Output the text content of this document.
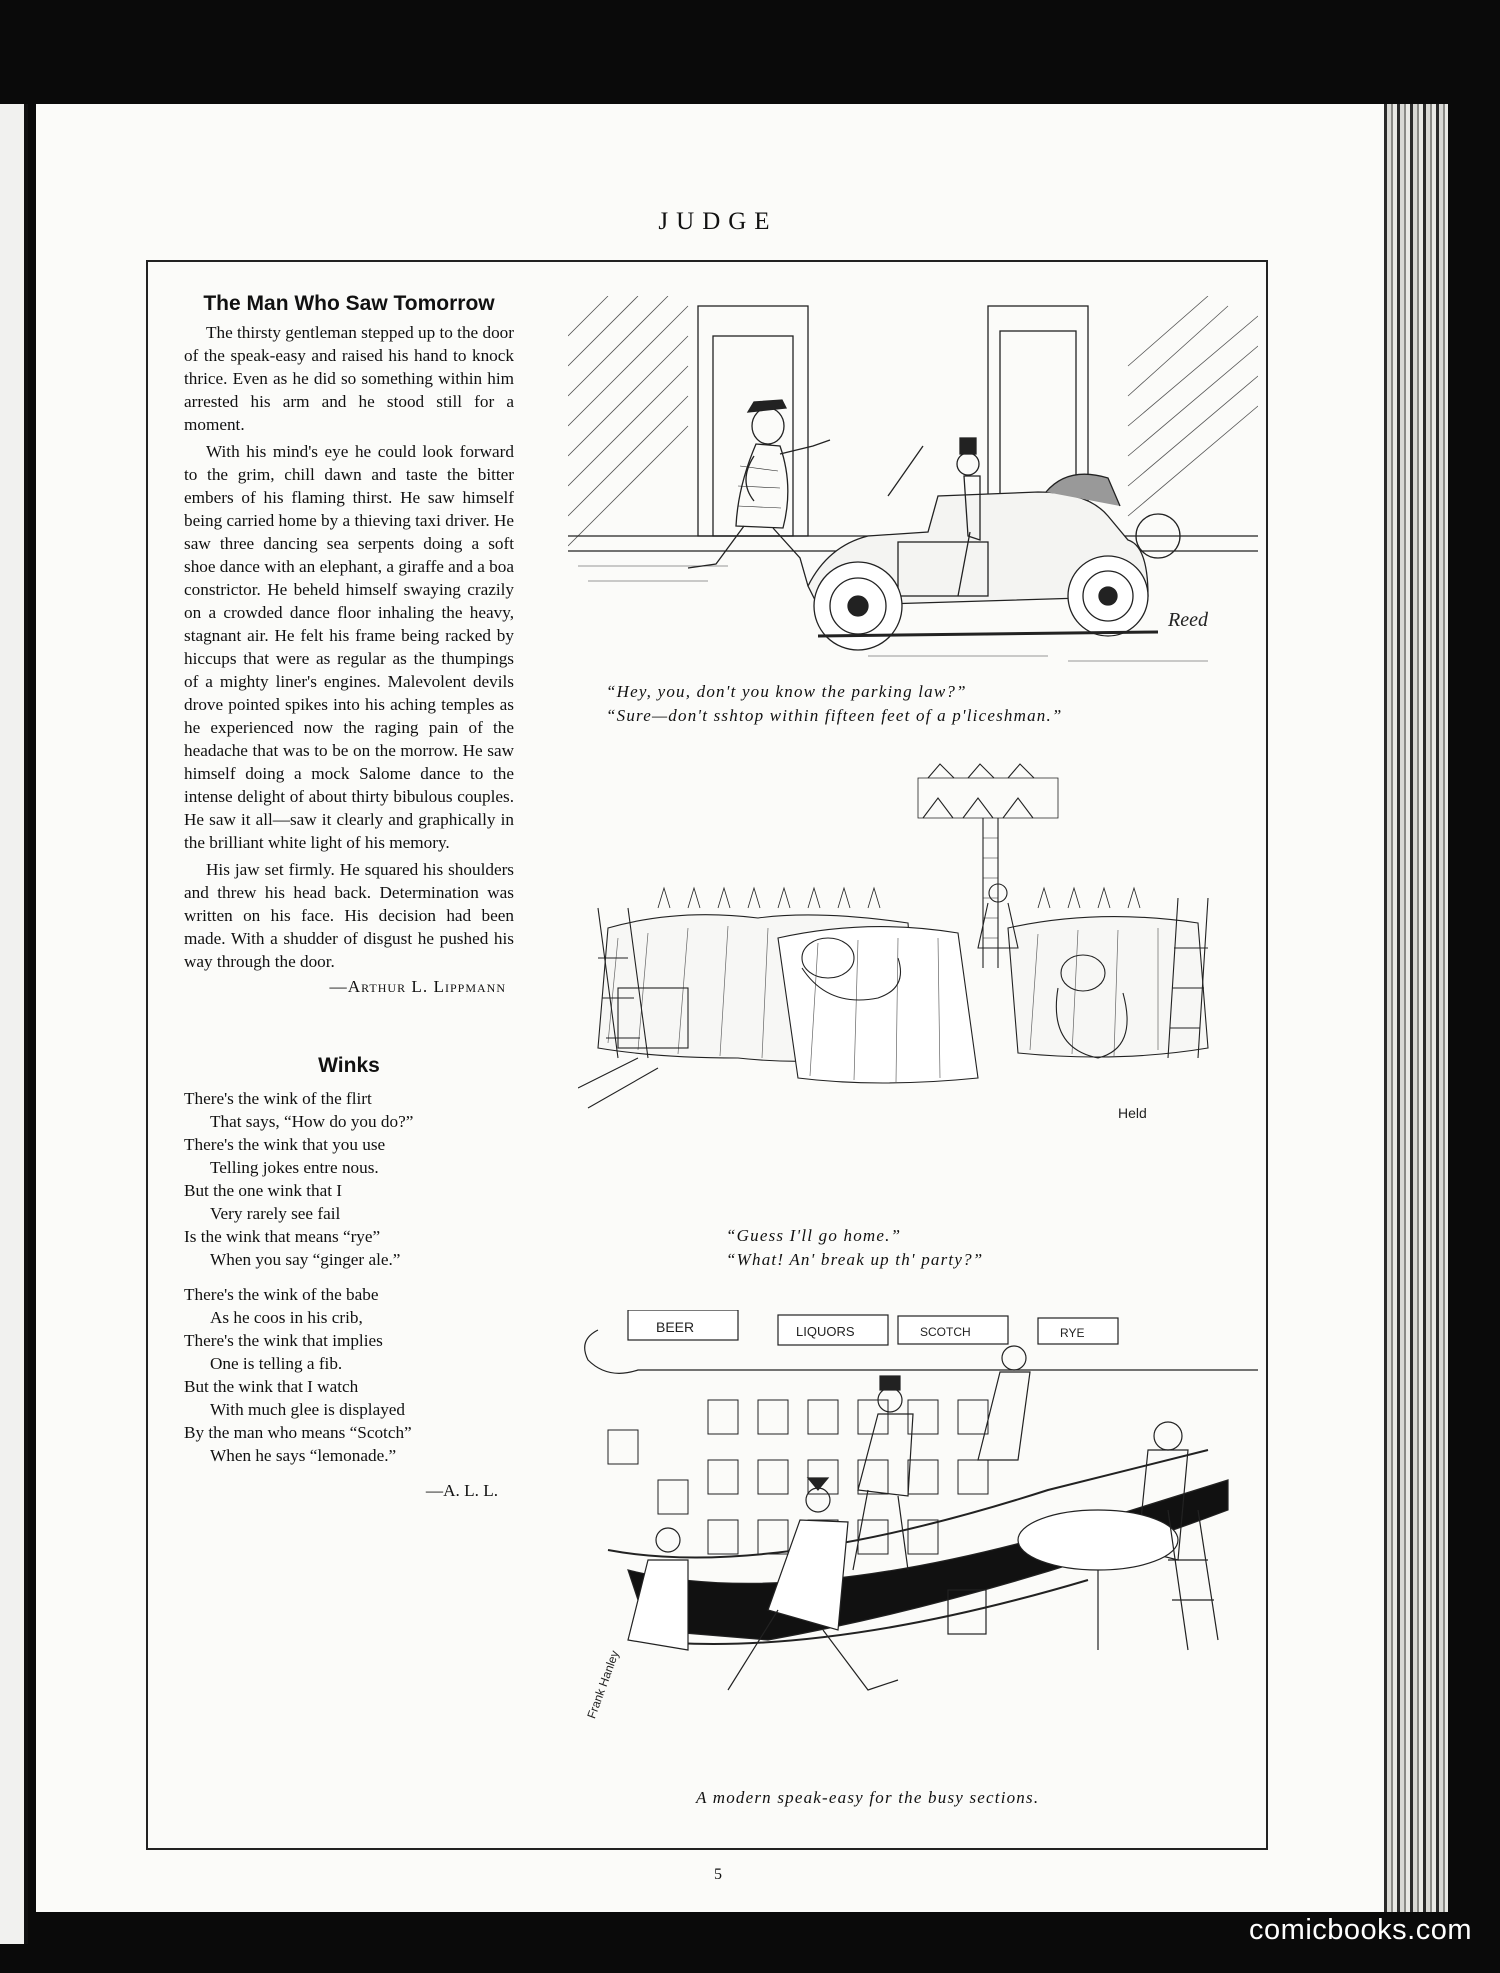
JUDGE
The Man Who Saw Tomorrow

The thirsty gentleman stepped up to the door of the speak-easy and raised his hand to knock thrice. Even as he did so something within him arrested his arm and he stood still for a moment.

With his mind's eye he could look forward to the grim, chill dawn and taste the bitter embers of his flaming thirst. He saw himself being carried home by a thieving taxi driver. He saw three dancing sea serpents doing a soft shoe dance with an elephant, a giraffe and a boa constrictor. He beheld himself swaying crazily on a crowded dance floor inhaling the heavy, stagnant air. He felt his frame being racked by hiccups that were as regular as the thumpings of a mighty liner's engines. Malevolent devils drove pointed spikes into his aching temples as he experienced now the raging pain of the headache that was to be on the morrow. He saw himself doing a mock Salome dance to the intense delight of about thirty bibulous couples. He saw it all—saw it clearly and graphically in the brilliant white light of his memory.

His jaw set firmly. He squared his shoulders and threw his head back. Determination was written on his face. His decision had been made. With a shudder of disgust he pushed his way through the door.

—Arthur L. Lippmann
Winks
There's the wink of the flirt
That says, “How do you do?”
There's the wink that you use
Telling jokes entre nous.
But the one wink that I
Very rarely see fail
Is the wink that means “rye”
When you say “ginger ale.”
There's the wink of the babe
As he coos in his crib,
There's the wink that implies
One is telling a fib.
But the wink that I watch
With much glee is displayed
By the man who means “Scotch”
When he says “lemonade.”
—A. L. L.
Reed
“Hey, you, don't you know the parking law?”
“Sure—don't sshtop within fifteen feet of a p'liceshman.”
Held
“Guess I'll go home.”
“What! An' break up th' party?”
BEER	LIQUORS	SCOTCH	RYE
Frank Hanley
A modern speak-easy for the busy sections.
5
comicbooks.com
